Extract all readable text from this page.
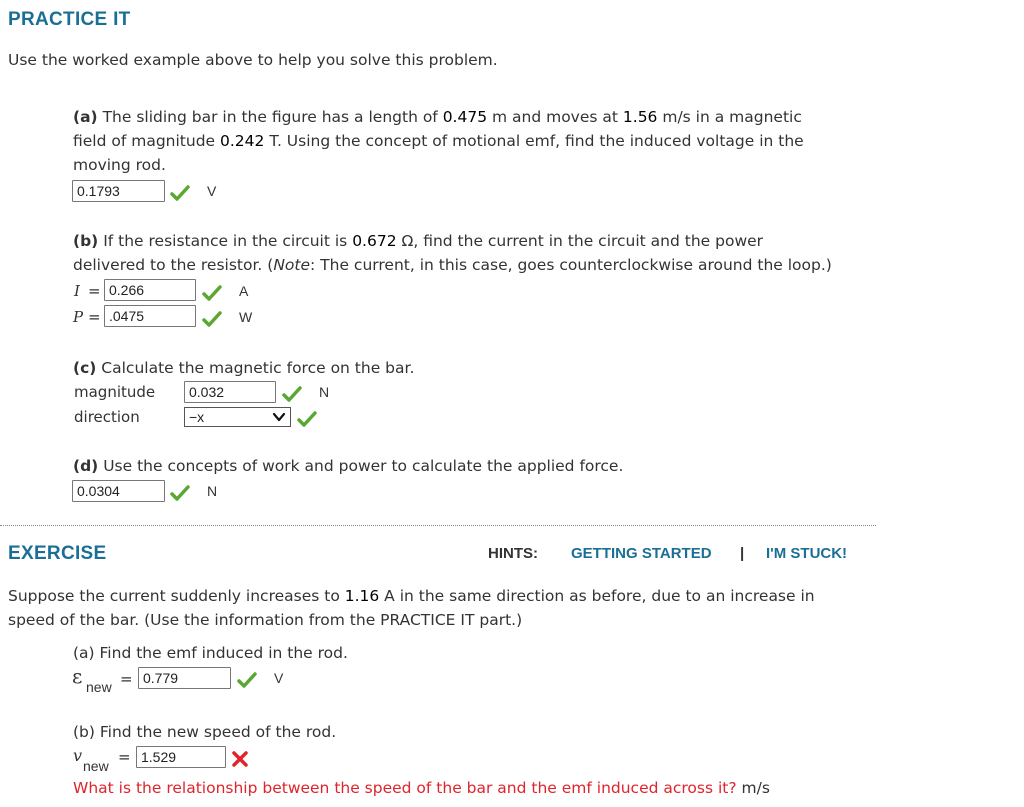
PRACTICE IT
Use the worked example above to help you solve this problem.
(a) The sliding bar in the figure has a length of 0.475 m and moves at 1.56 m/s in a magnetic
field of magnitude 0.242 T. Using the concept of motional emf, find the induced voltage in the
moving rod.
0.1793	V
(b) If the resistance in the circuit is 0.672 Ω, find the current in the circuit and the power
delivered to the resistor. (Note: The current, in this case, goes counterclockwise around the loop.)
I = 0.266	A
P = .0475	W
(c) Calculate the magnetic force on the bar.
magnitude	0.032	N
direction	−x
(d) Use the concepts of work and power to calculate the applied force.
0.0304	N
EXERCISE	HINTS: GETTING STARTED | I'M STUCK!
Suppose the current suddenly increases to 1.16 A in the same direction as before, due to an increase in
speed of the bar. (Use the information from the PRACTICE IT part.)
(a) Find the emf induced in the rod.
ε new = 0.779	V
(b) Find the new speed of the rod.
v
new = 1.529
What is the relationship between the speed of the bar and the emf induced across it? m/s
